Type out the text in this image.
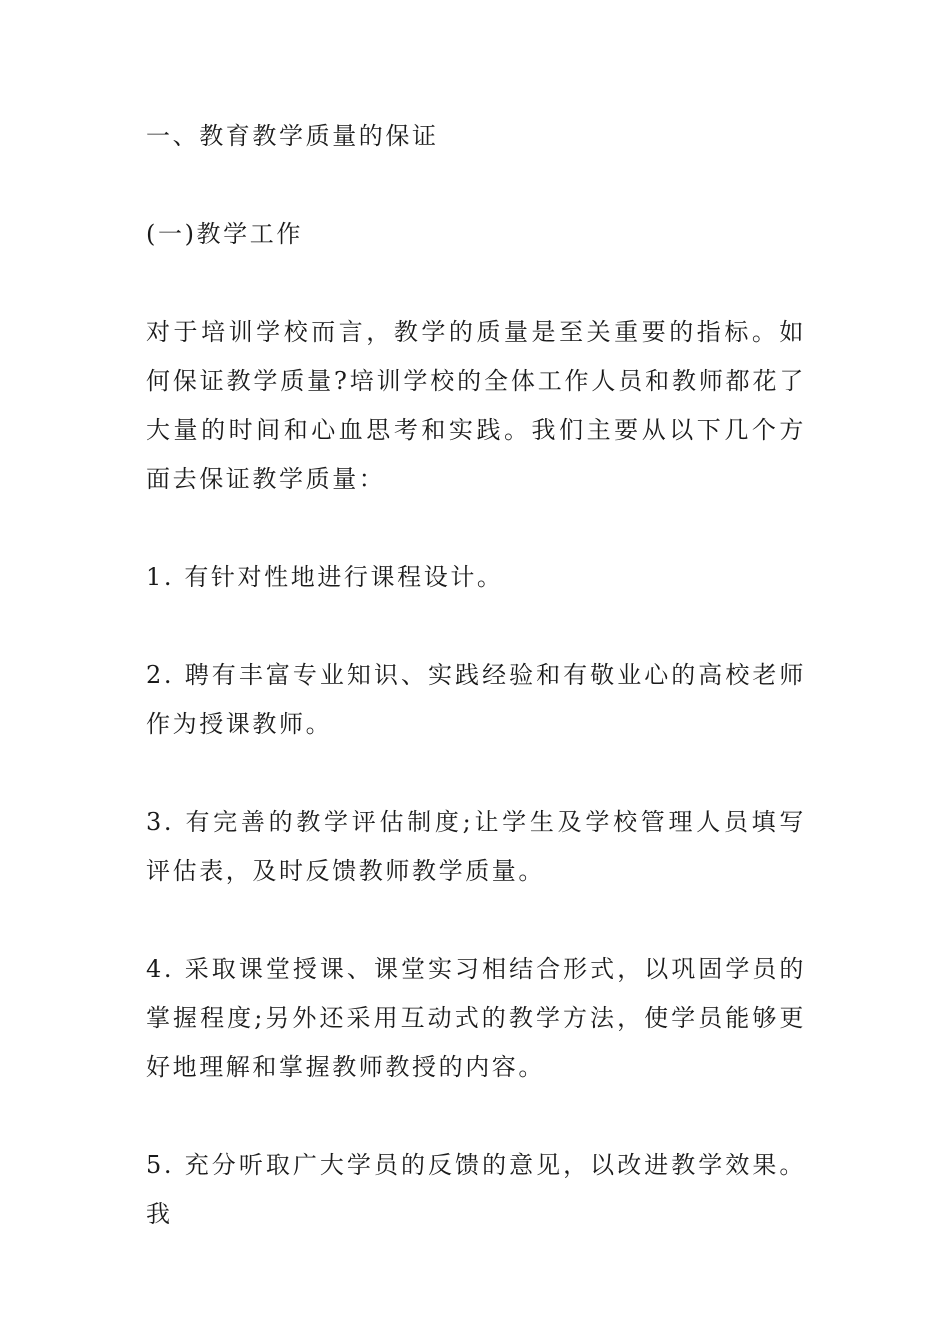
一、教育教学质量的保证

(一)教学工作

对于培训学校而言，教学的质量是至关重要的指标。如何保证教学质量?培训学校的全体工作人员和教师都花了大量的时间和心血思考和实践。我们主要从以下几个方面去保证教学质量：

1. 有针对性地进行课程设计。

2. 聘有丰富专业知识、实践经验和有敬业心的高校老师作为授课教师。

3. 有完善的教学评估制度;让学生及学校管理人员填写评估表，及时反馈教师教学质量。

4. 采取课堂授课、课堂实习相结合形式，以巩固学员的掌握程度;另外还采用互动式的教学方法，使学员能够更好地理解和掌握教师教授的内容。

5. 充分听取广大学员的反馈的意见，以改进教学效果。我
